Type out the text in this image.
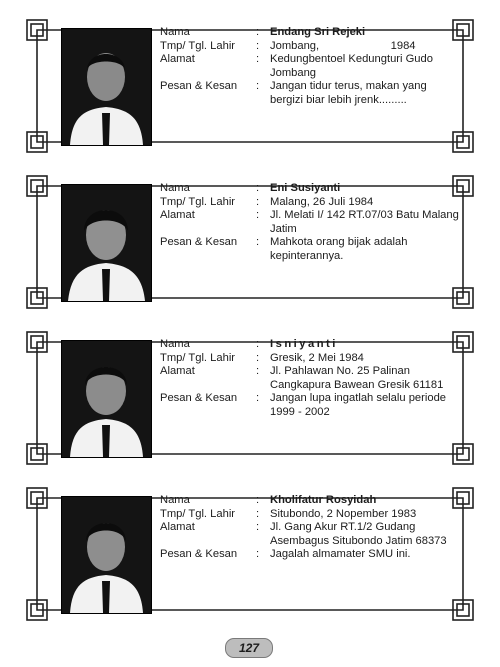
Nama	: Endang Sri Rejeki
Tmp/ Tgl. Lahir	: Jombang,                       1984
Alamat	: Kedungbentoel Kedungturi Gudo Jombang
Pesan & Kesan	: Jangan tidur terus, makan yang bergizi biar lebih jrenk.........
Nama	: Eni Susiyanti
Tmp/ Tgl. Lahir	: Malang, 26 Juli 1984
Alamat	: Jl. Melati I/ 142 RT.07/03 Batu Malang Jatim
Pesan & Kesan	: Mahkota orang bijak adalah kepinterannya.
Nama	: Isniyanti
Tmp/ Tgl. Lahir	: Gresik, 2 Mei 1984
Alamat	: Jl. Pahlawan No. 25 Palinan Cangkapura Bawean Gresik 61181
Pesan & Kesan	: Jangan lupa ingatlah selalu periode 1999 - 2002
Nama	: Kholifatur Rosyidah
Tmp/ Tgl. Lahir	: Situbondo, 2 Nopember 1983
Alamat	: Jl. Gang Akur RT.1/2 Gudang Asembagus Situbondo Jatim 68373
Pesan & Kesan	: Jagalah almamater SMU ini.
127
